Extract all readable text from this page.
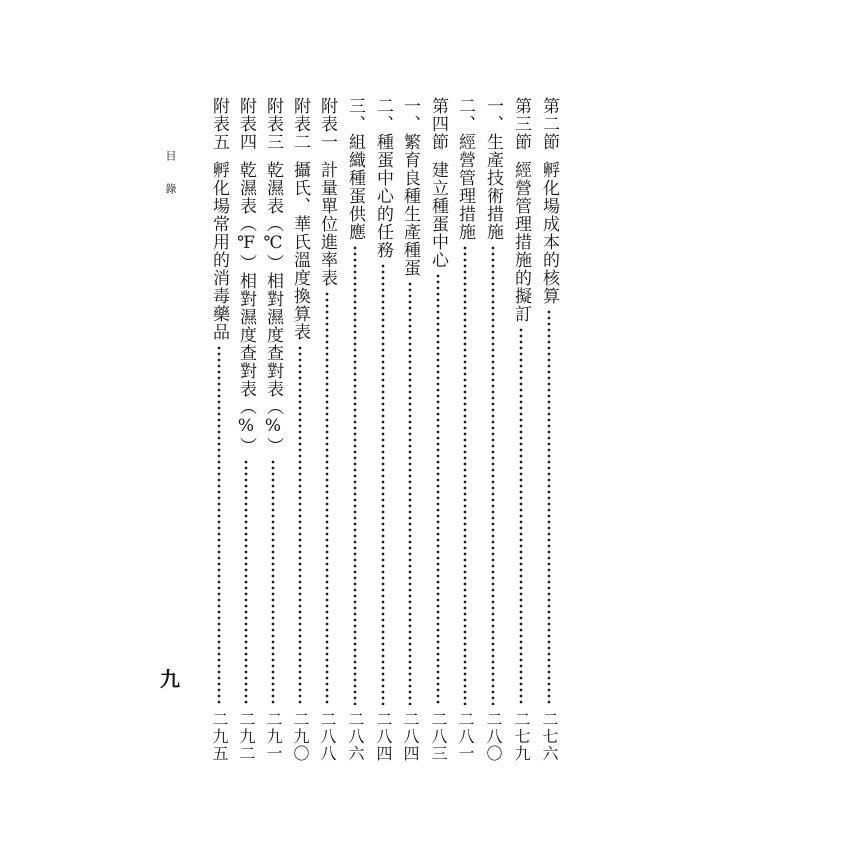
目錄
九
第二節
孵化場成本的核算
二七六
第三節
經營管理措施的擬訂
二七九
一、生產技術措施
二八〇
二、經營管理措施
二八一
第四節
建立種蛋中心
二八三
一、繁育良種生產種蛋
二八四
二、種蛋中心的任務
二八四
三、組織種蛋供應
二八六
附表一
計量單位進率表
二八八
附表二
攝氏、華氏溫度換算表
二九〇
附表三
乾濕表（℃）相對濕度查對表（%）
二九一
附表四
乾濕表（℉）相對濕度查對表（%）
二九二
附表五
孵化場常用的消毒藥品
二九五
